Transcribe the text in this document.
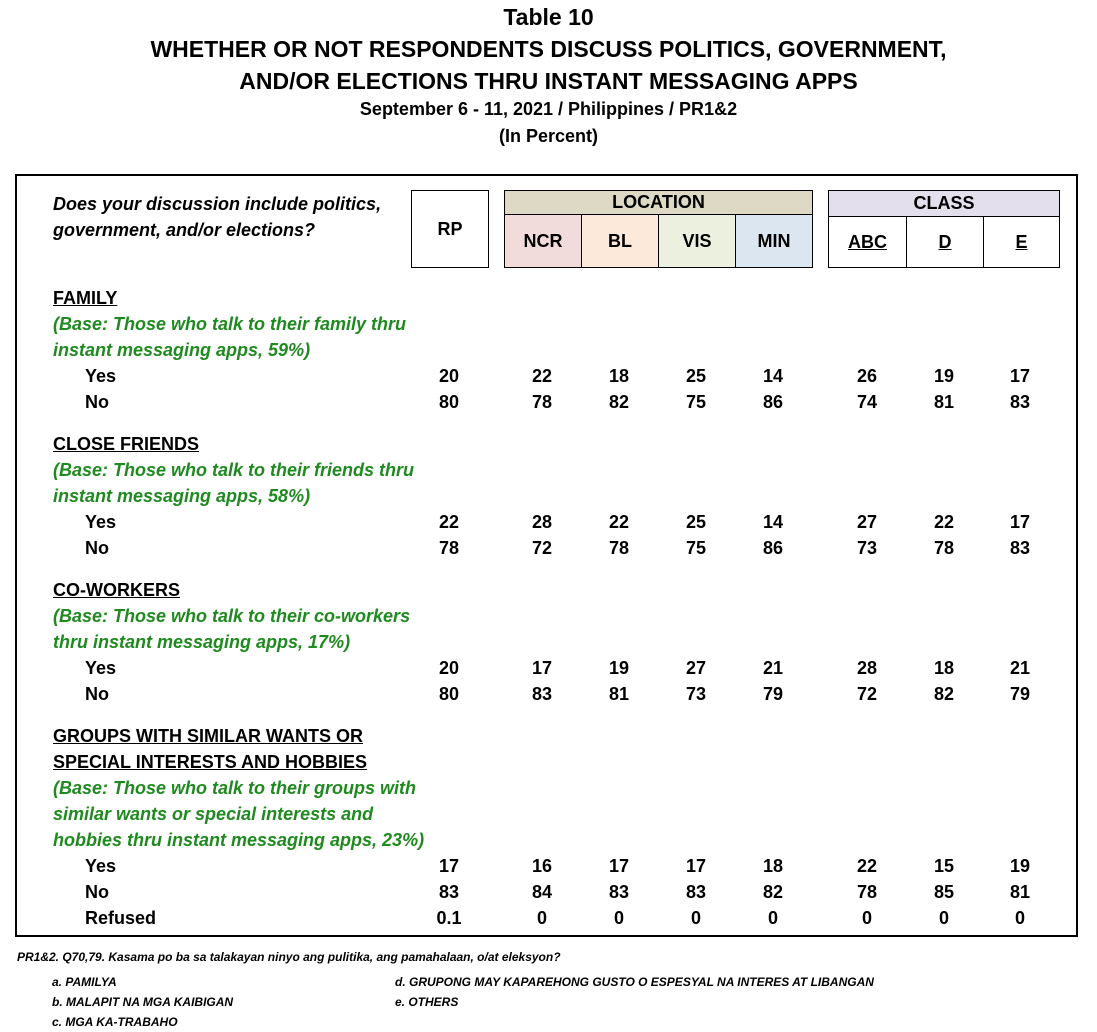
Table 10
WHETHER OR NOT RESPONDENTS DISCUSS POLITICS, GOVERNMENT,
AND/OR ELECTIONS THRU INSTANT MESSAGING APPS
September 6 - 11, 2021 / Philippines / PR1&2
(In Percent)
Does your discussion include politics, government, and/or elections?	RP
LOCATION
NCR	BL	VIS	MIN
CLASS
ABC	D	E
FAMILY
(Base: Those who talk to their family thru
instant messaging apps, 59%)
Yes	20	22	18	25	14	26	19	17
No	80	78	82	75	86	74	81	83
CLOSE FRIENDS
(Base: Those who talk to their friends thru
instant messaging apps, 58%)
Yes	22	28	22	25	14	27	22	17
No	78	72	78	75	86	73	78	83
CO-WORKERS
(Base: Those who talk to their co-workers
thru instant messaging apps, 17%)
Yes	20	17	19	27	21	28	18	21
No	80	83	81	73	79	72	82	79
GROUPS WITH SIMILAR WANTS OR
SPECIAL INTERESTS AND HOBBIES
(Base: Those who talk to their groups with
similar wants or special interests and
hobbies thru instant messaging apps, 23%)
Yes	17	16	17	17	18	22	15	19
No	83	84	83	83	82	78	85	81
Refused	0.1	0	0	0	0	0	0	0
PR1&2. Q70,79. Kasama po ba sa talakayan ninyo ang pulitika, ang pamahalaan, o/at eleksyon?
a. PAMILYA
b. MALAPIT NA MGA KAIBIGAN
c. MGA KA-TRABAHO
d. GRUPONG MAY KAPAREHONG GUSTO O ESPESYAL NA INTERES AT LIBANGAN
e. OTHERS
